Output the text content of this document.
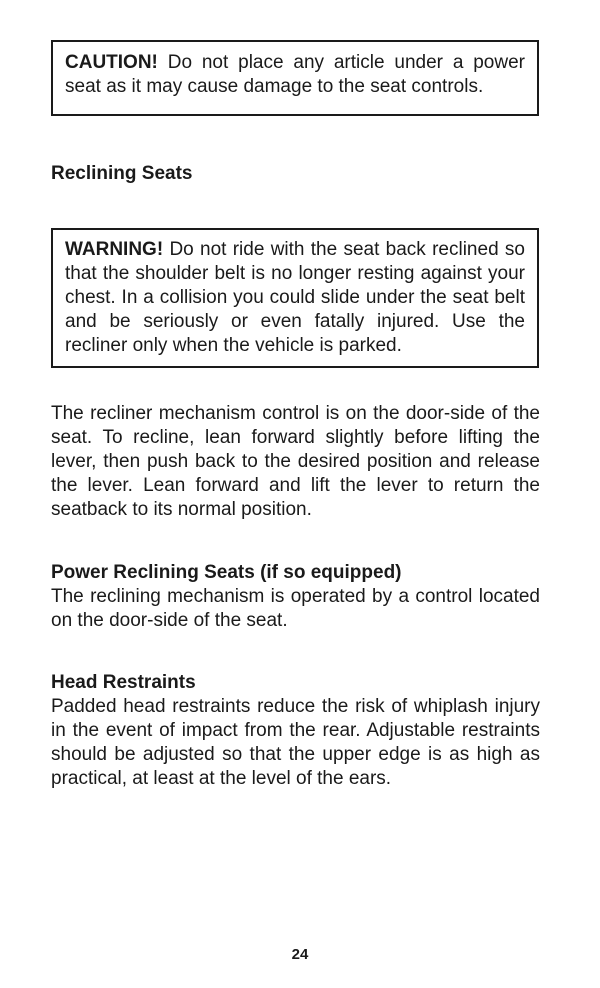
CAUTION! Do not place any article under a power seat as it may cause damage to the seat controls.
Reclining Seats
WARNING! Do not ride with the seat back reclined so that the shoulder belt is no longer resting against your chest. In a collision you could slide under the seat belt and be seriously or even fatally injured. Use the recliner only when the vehicle is parked.

The recliner mechanism control is on the door-side of the seat. To recline, lean forward slightly before lifting the lever, then push back to the desired position and release the lever. Lean forward and lift the lever to return the seatback to its normal position.

Power Reclining Seats (if so equipped)

The reclining mechanism is operated by a control located on the door-side of the seat.

Head Restraints

Padded head restraints reduce the risk of whiplash injury in the event of impact from the rear. Adjustable restraints should be adjusted so that the upper edge is as high as practical, at least at the level of the ears.

24
